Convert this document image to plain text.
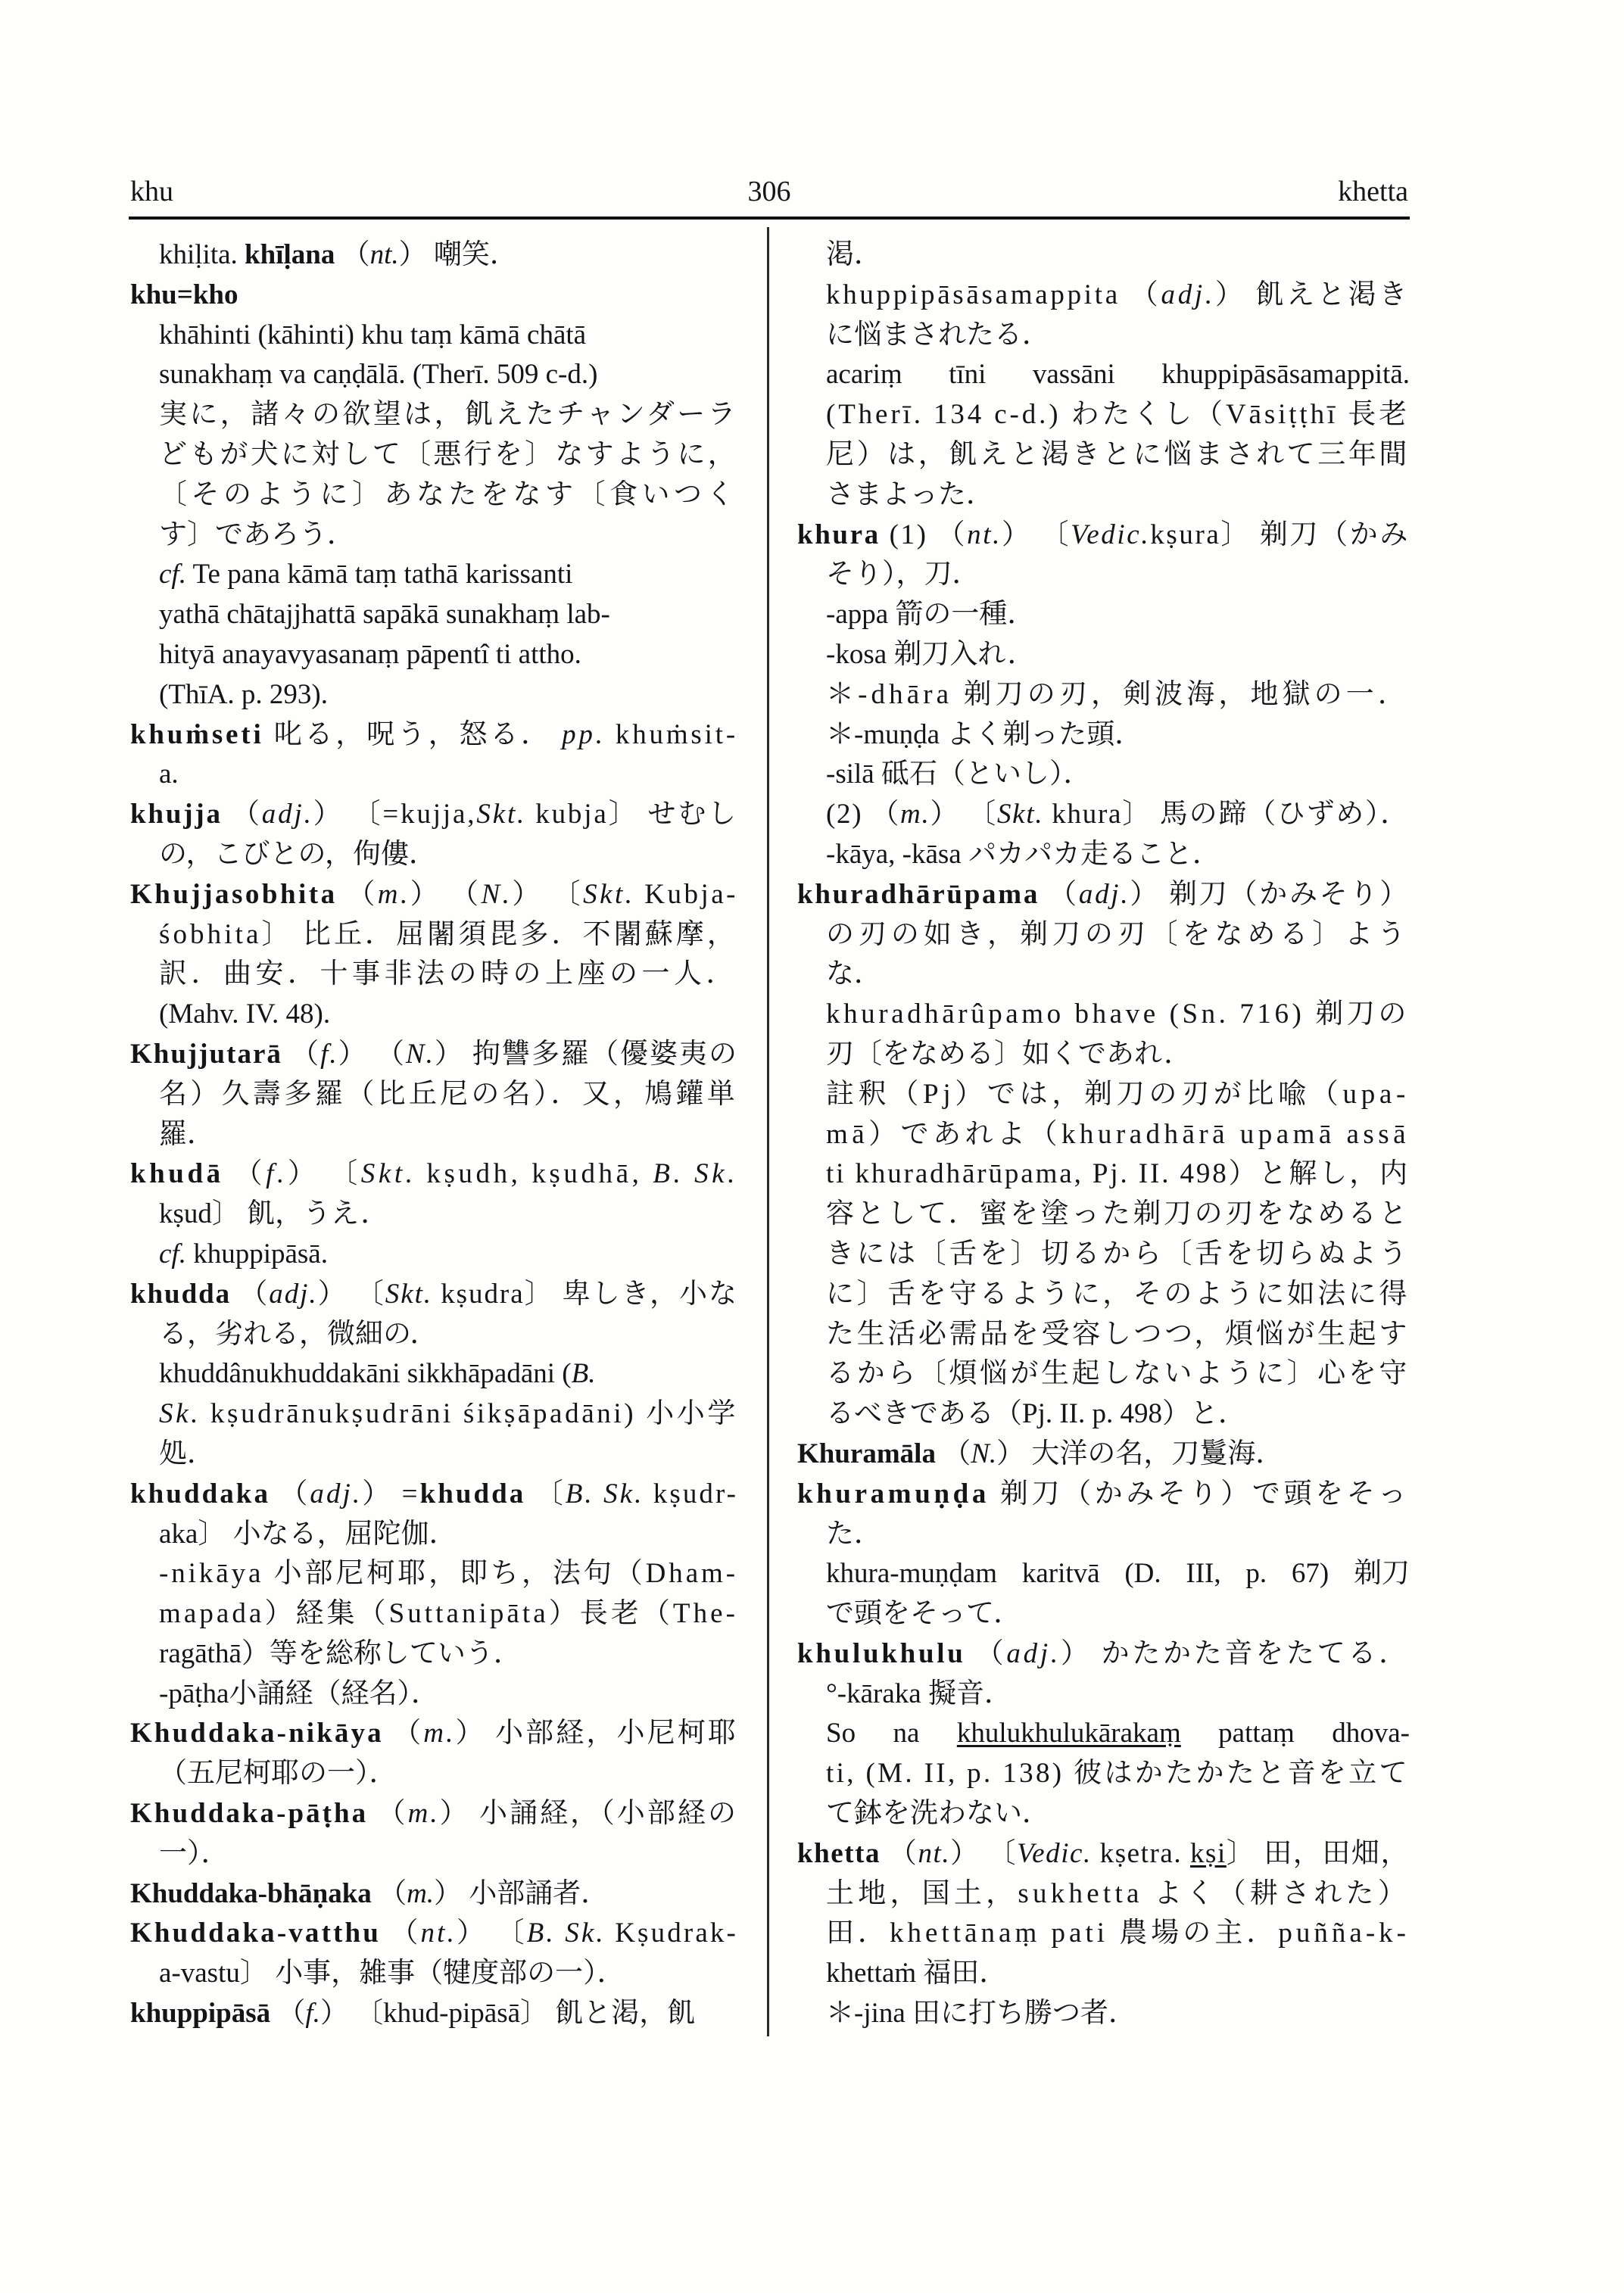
khu	306	khetta
khiḷita. khīḷana （nt.） 嘲笑．
khu=kho
khāhinti (kāhinti) khu taṃ kāmā chātā
sunakhaṃ va caṇḍālā. (Therī. 509 c-d.)
実に，諸々の欲望は，飢えたチャンダーラ
どもが犬に対して〔悪行を〕なすように，
〔そのように〕あなたをなす〔食いつく
す〕であろう．
cf. Te pana kāmā taṃ tathā karissanti
yathā chātajjhattā sapākā sunakhaṃ lab-
hityā anayavyasanaṃ pāpentî ti attho.
(ThīA. p. 293).
khuṁseti 叱る，呪う，怒る． pp. khuṁsit-
a.
khujja （adj.） 〔=kujja,Skt. kubja〕 せむし
の，こびとの，佝僂．
Khujjasobhita （m.） （N.） 〔Skt. Kubja-
śobhita〕 比丘．屈闍須毘多．不闍蘇摩，
訳．曲安．十事非法の時の上座の一人．
(Mahv. IV. 48).
Khujjutarā （f.） （N.） 拘讐多羅（優婆夷の
名）久壽多羅（比丘尼の名）．又，鳩鑵単
羅．
khudā （f.） 〔Skt. kṣudh, kṣudhā, B. Sk.
kṣud〕 飢，うえ．
cf. khuppipāsā.
khudda （adj.） 〔Skt. kṣudra〕 卑しき，小な
る，劣れる，微細の．
khuddânukhuddakāni sikkhāpadāni (B.
Sk. kṣudrānukṣudrāni śikṣāpadāni) 小小学
処．
khuddaka （adj.） =khudda 〔B. Sk. kṣudr-
aka〕 小なる，屈陀伽．
-nikāya 小部尼柯耶，即ち，法句（Dham-
mapada）経集（Suttanipāta）長老（The-
ragāthā）等を総称していう．
-pāṭha小誦経（経名）．
Khuddaka-nikāya （m.） 小部経，小尼柯耶
（五尼柯耶の一）．
Khuddaka-pāṭha （m.） 小誦経，（小部経の
一）．
Khuddaka-bhāṇaka （m.） 小部誦者．
Khuddaka-vatthu （nt.） 〔B. Sk. Kṣudrak-
a-vastu〕 小事，雑事（犍度部の一）．
khuppipāsā （f.） 〔khud-pipāsā〕 飢と渇，飢
渇．
khuppipāsāsamappita （adj.） 飢えと渇き
に悩まされたる．
acariṃ tīni vassāni khuppipāsāsamappitā.
(Therī. 134 c-d.) わたくし（Vāsiṭṭhī 長老
尼）は，飢えと渇きとに悩まされて三年間
さまよった．
khura (1) （nt.） 〔Vedic.kṣura〕 剃刀（かみ
そり），刀．
-appa 箭の一種．
-kosa 剃刀入れ．
＊-dhāra 剃刀の刃，剣波海，地獄の一．
＊-muṇḍa よく剃った頭．
-silā 砥石（といし）．
(2) （m.） 〔Skt. khura〕 馬の蹄（ひずめ）．
-kāya, -kāsa パカパカ走ること．
khuradhārūpama （adj.） 剃刀（かみそり）
の刃の如き，剃刀の刃〔をなめる〕よう
な．
khuradhārûpamo bhave (Sn. 716) 剃刀の
刃〔をなめる〕如くであれ．
註釈（Pj）では，剃刀の刃が比喩（upa-
mā）であれよ（khuradhārā upamā assā
ti khuradhārūpama, Pj. II. 498）と解し，内
容として．蜜を塗った剃刀の刃をなめると
きには〔舌を〕切るから〔舌を切らぬよう
に〕舌を守るように，そのように如法に得
た生活必需品を受容しつつ，煩悩が生起す
るから〔煩悩が生起しないように〕心を守
るべきである（Pj. II. p. 498）と．
Khuramāla （N.） 大洋の名，刀鬘海．
khuramuṇḍa 剃刀（かみそり）で頭をそっ
た．
khura-muṇḍam karitvā (D. III, p. 67) 剃刀
で頭をそって．
khulukhulu （adj.） かたかた音をたてる．
°-kāraka 擬音．
So na khulukhulukārakaṃ pattaṃ dhova-
ti, (M. II, p. 138) 彼はかたかたと音を立て
て鉢を洗わない．
khetta （nt.） 〔Vedic. kṣetra. kṣi〕 田，田畑，
土地，国土，sukhetta よく（耕された）
田．khettānaṃ pati 農場の主．puñña-k-
khettaṁ 福田．
＊-jina 田に打ち勝つ者．
